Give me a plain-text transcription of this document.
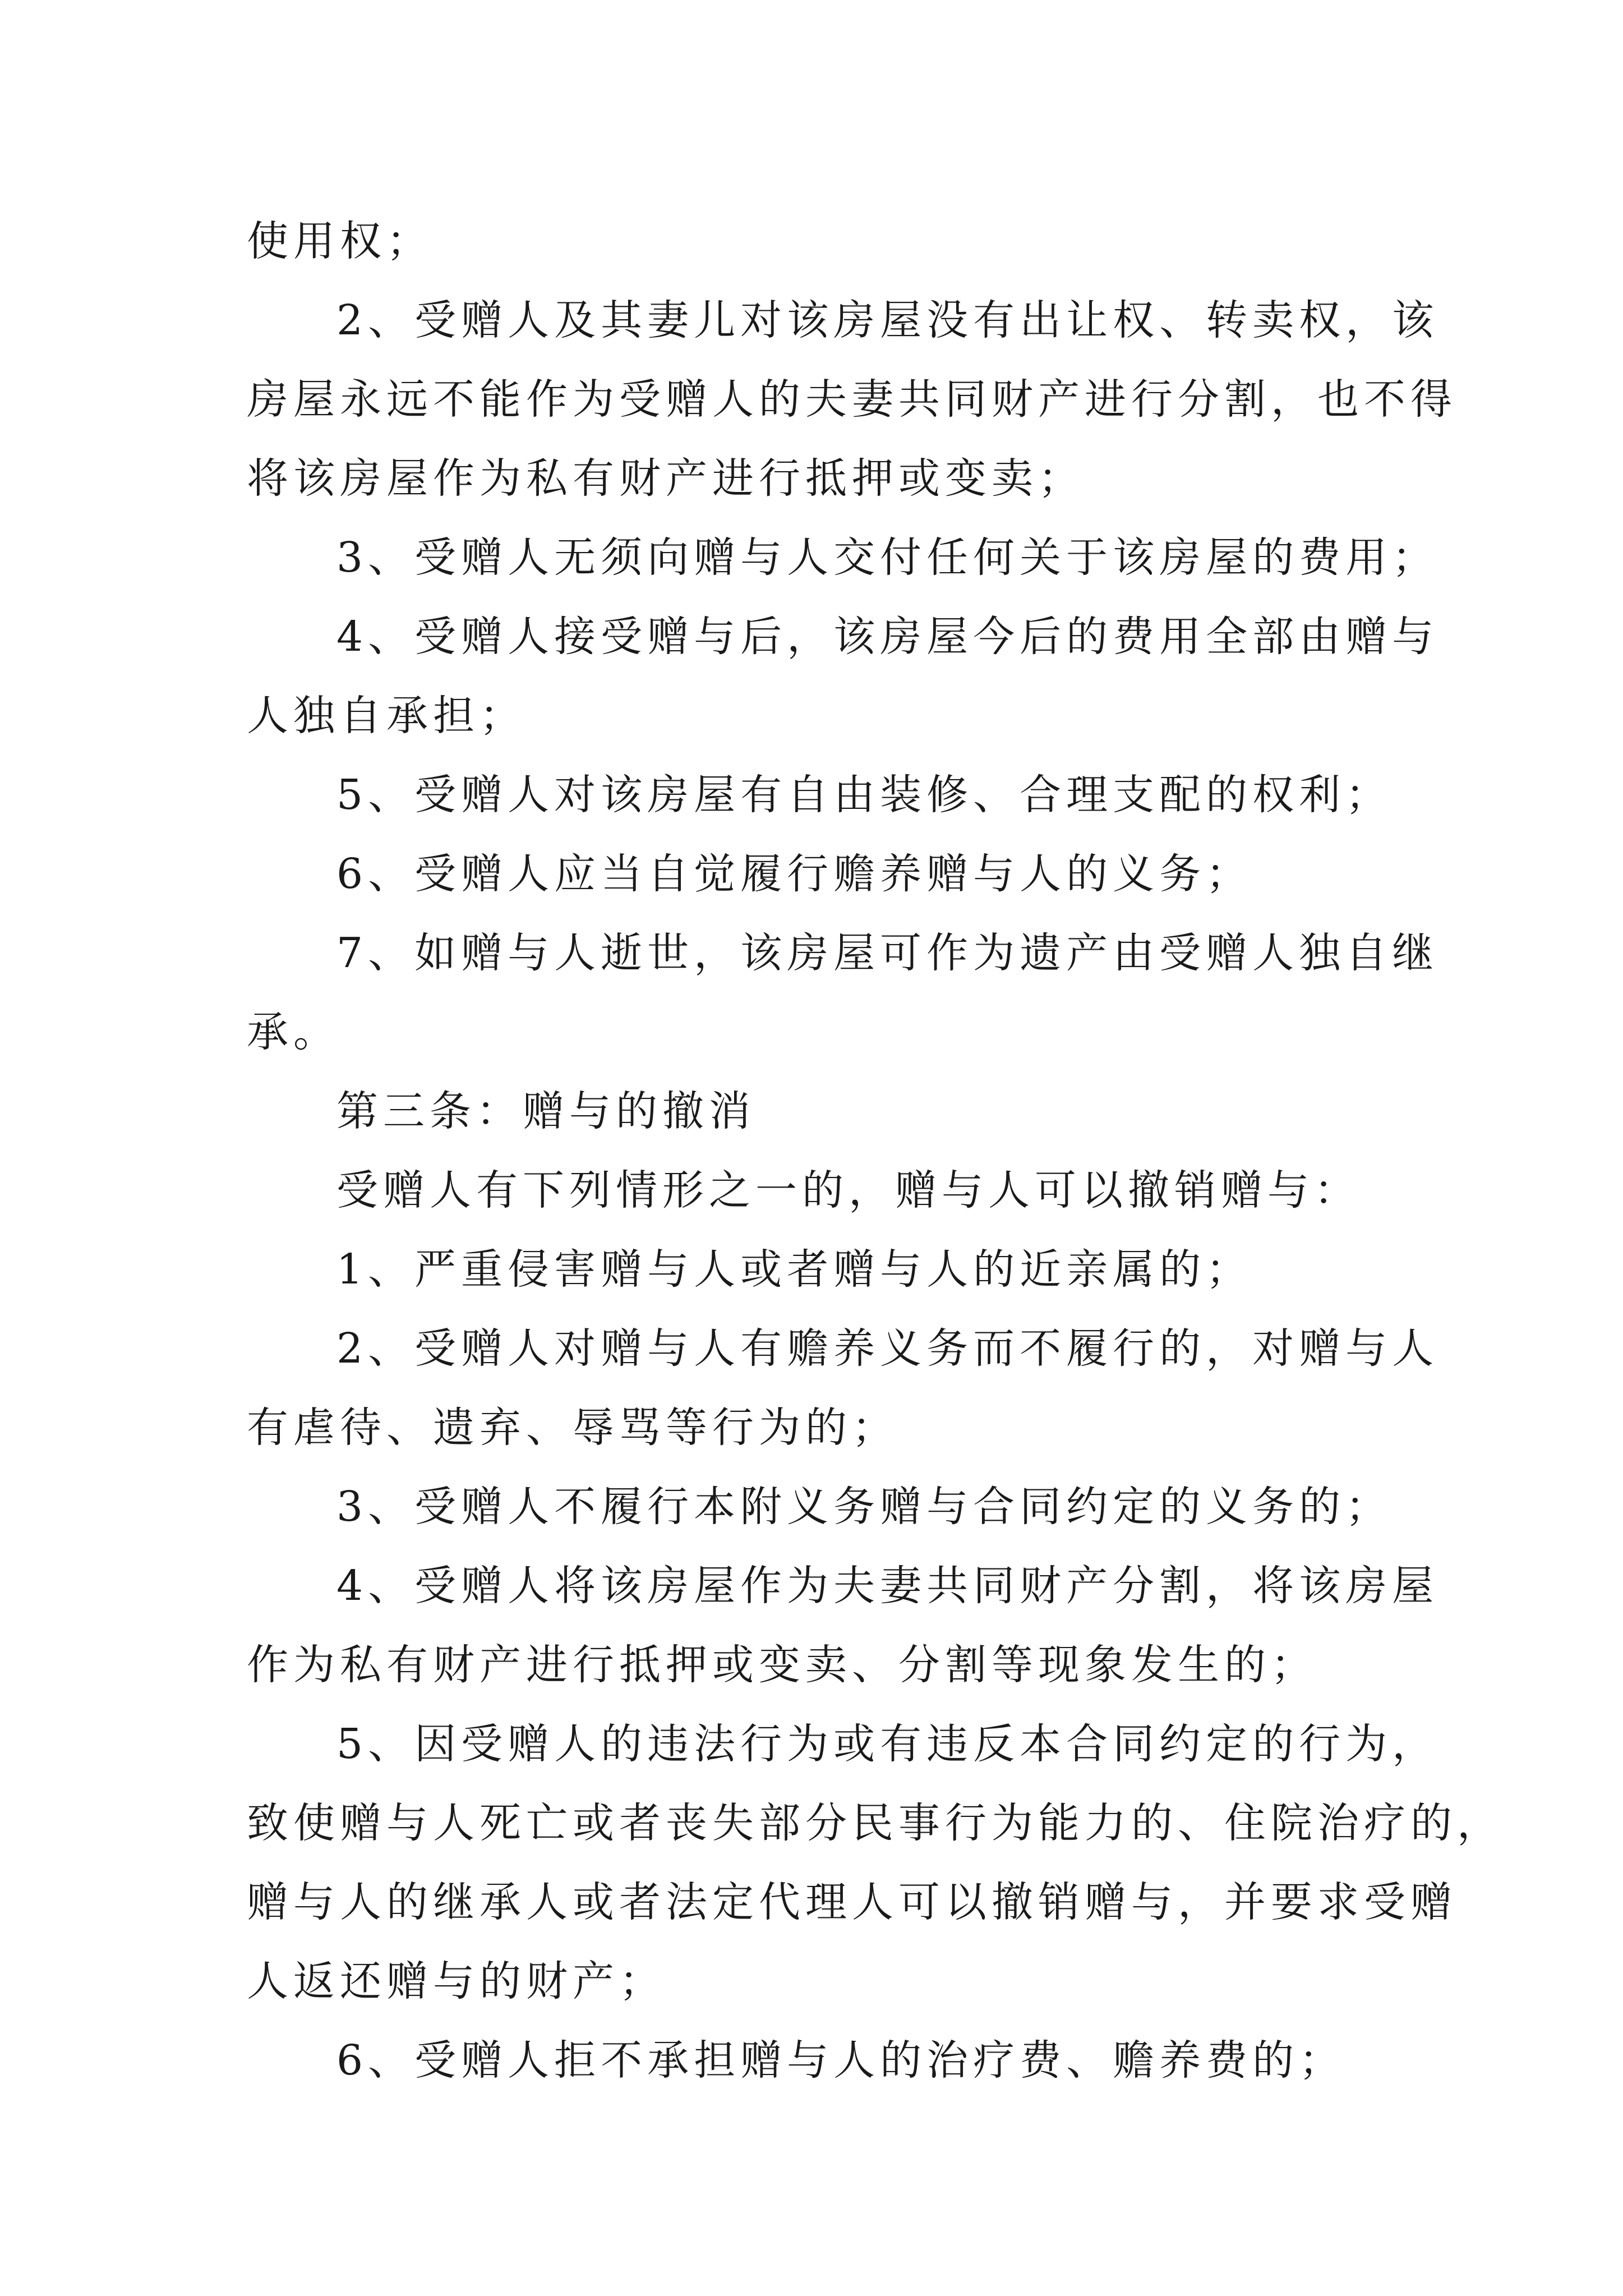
使用权；

2、受赠人及其妻儿对该房屋没有出让权、转卖权，该

房屋永远不能作为受赠人的夫妻共同财产进行分割，也不得

将该房屋作为私有财产进行抵押或变卖；

3、受赠人无须向赠与人交付任何关于该房屋的费用；

4、受赠人接受赠与后，该房屋今后的费用全部由赠与

人独自承担；

5、受赠人对该房屋有自由装修、合理支配的权利；

6、受赠人应当自觉履行赡养赠与人的义务；

7、如赠与人逝世，该房屋可作为遗产由受赠人独自继

承。

第三条：赠与的撤消

受赠人有下列情形之一的，赠与人可以撤销赠与：

1、严重侵害赠与人或者赠与人的近亲属的；

2、受赠人对赠与人有赡养义务而不履行的，对赠与人

有虐待、遗弃、辱骂等行为的；

3、受赠人不履行本附义务赠与合同约定的义务的；

4、受赠人将该房屋作为夫妻共同财产分割，将该房屋

作为私有财产进行抵押或变卖、分割等现象发生的；

5、因受赠人的违法行为或有违反本合同约定的行为，

致使赠与人死亡或者丧失部分民事行为能力的、住院治疗的，

赠与人的继承人或者法定代理人可以撤销赠与，并要求受赠

人返还赠与的财产；

6、受赠人拒不承担赠与人的治疗费、赡养费的；
